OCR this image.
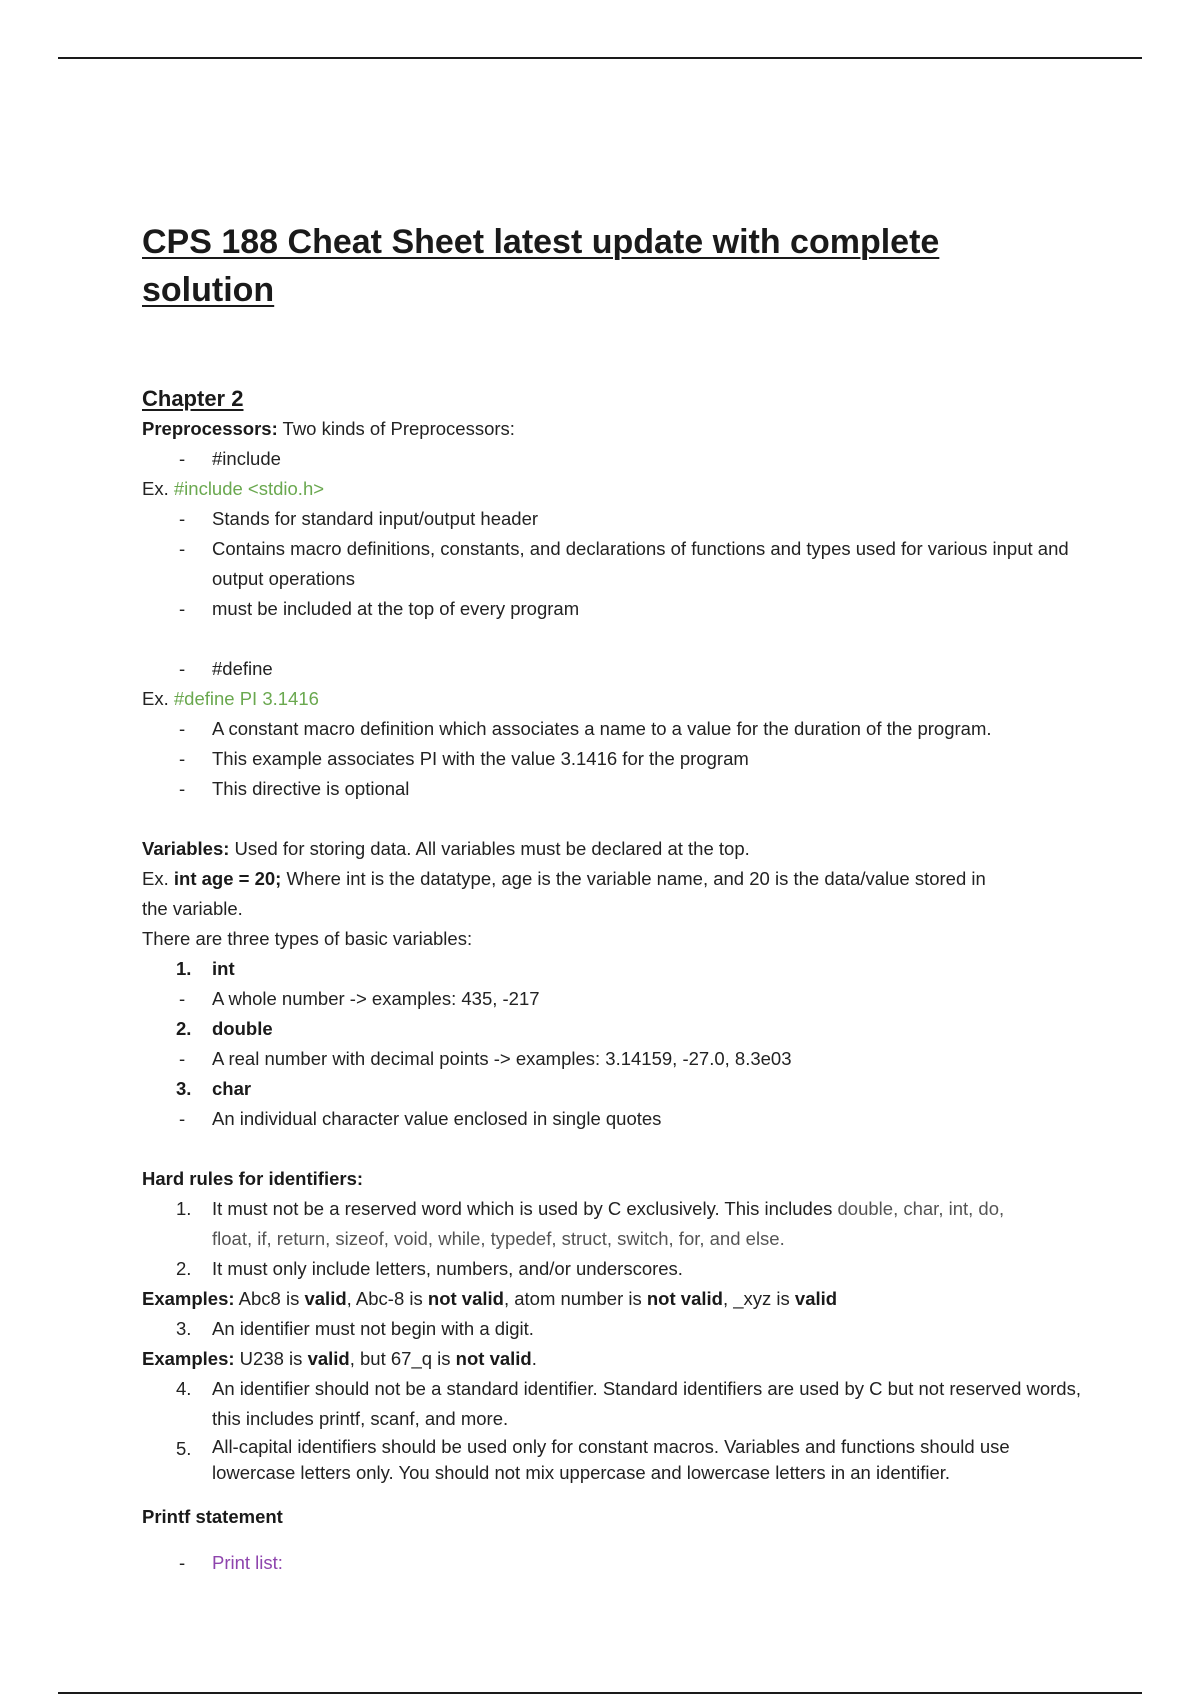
CPS 188 Cheat Sheet latest update with complete
solution
Chapter 2
Preprocessors: Two kinds of Preprocessors:
-	#include
Ex. #include <stdio.h>
-	Stands for standard input/output header
-	Contains macro definitions, constants, and declarations of functions and types used for various input and output operations
-	must be included at the top of every program
-	#define
Ex. #define PI 3.1416
-	A constant macro definition which associates a name to a value for the duration of the program.
-	This example associates PI with the value 3.1416 for the program
-	This directive is optional
Variables: Used for storing data. All variables must be declared at the top.
Ex. int age = 20; Where int is the datatype, age is the variable name, and 20 is the data/value stored in
the variable.
There are three types of basic variables:
1.	int
-	A whole number -> examples: 435, -217
2.	double
-	A real number with decimal points -> examples: 3.14159, -27.0, 8.3e03
3.	char
-	An individual character value enclosed in single quotes
Hard rules for identifiers:
1.	It must not be a reserved word which is used by C exclusively. This includes double, char, int, do,
float, if, return, sizeof, void, while, typedef, struct, switch, for, and else.
2.	It must only include letters, numbers, and/or underscores.
Examples: Abc8 is valid, Abc-8 is not valid, atom number is not valid, _xyz is valid
3.	An identifier must not begin with a digit.
Examples: U238 is valid, but 67_q is not valid.
4.	An identifier should not be a standard identifier. Standard identifiers are used by C but not reserved words, this includes printf, scanf, and more.
5.	All-capital identifiers should be used only for constant macros. Variables and functions should use lowercase letters only. You should not mix uppercase and lowercase letters in an identifier.
Printf statement
-	Print list:
